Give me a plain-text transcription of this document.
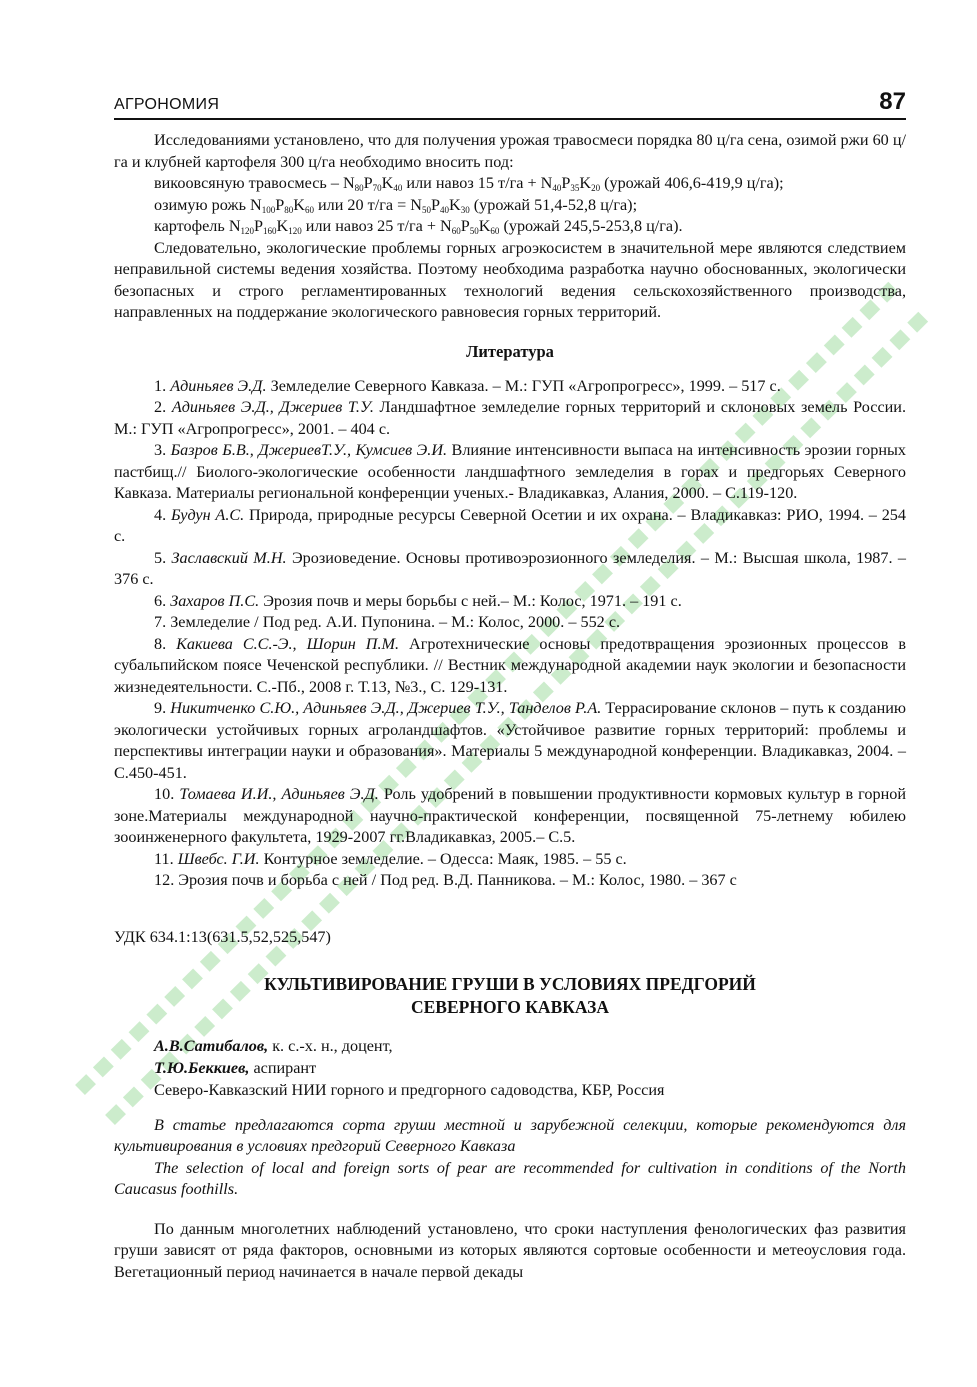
АГРОНОМИЯ	87

Исследованиями установлено, что для получения урожая травосмеси порядка 80 ц/га сена, озимой ржи 60 ц/га и клубней картофеля 300 ц/га необходимо вносить под:

викоовсяную травосмесь – $N_{80}P_{70}K_{40}$ или навоз 15 $т/га + N_{40}P_{35}K_{20}$ (урожай 406,6-419,9 ц/га);
озимую рожь $N_{100}P_{80}K_{60}$ или 20 $т/га = N_{50}P_{40}K_{30}$ (урожай 51,4-52,8 ц/га);
картофель $N_{120}P_{160}K_{120}$ или навоз 25 $т/га + N_{60}P_{50}K_{60}$ (урожай 245,5-253,8 ц/га).

Следовательно, экологические проблемы горных агроэкосистем в значительной мере являются следствием неправильной системы ведения хозяйства. Поэтому необходима разработка научно обоснованных, экологически безопасных и строго регламентированных технологий ведения сельскохозяйственного производства, направленных на поддержание экологического равновесия горных территорий.

Литература

1. Адиньяев Э.Д. Земледелие Северного Кавказа. – М.: ГУП «Агропрогресс», 1999. – 517 с.

2. Адиньяев Э.Д., Джериев Т.У. Ландшафтное земледелие горных территорий и склоновых земель России. М.: ГУП «Агропрогресс», 2001. – 404 с.

3. Базров Б.В., ДжериевТ.У., Кумсиев Э.И. Влияние интенсивности выпаса на интенсивность эрозии горных пастбищ.// Биолого-экологические особенности ландшафтного земледелия в горах и предгорьях Северного Кавказа. Материалы региональной конференции ученых.- Владикавказ, Алания, 2000. – С.119-120.

4. Будун А.С. Природа, природные ресурсы Северной Осетии и их охрана. – Владикавказ: РИО, 1994. – 254 с.

5. Заславский М.Н. Эрозиоведение. Основы противоэрозионного земледелия. – М.: Высшая школа, 1987. – 376 с.

6. Захаров П.С. Эрозия почв и меры борьбы с ней.– М.: Колос, 1971. – 191 с.

7. Земледелие / Под ред. А.И. Пупонина. – М.: Колос, 2000. – 552 с.

8. Какиева С.С.-Э., Шорин П.М. Агротехнические основы предотвращения эрозионных процессов в субальпийском поясе Чеченской республики. // Вестник международной академии наук экологии и безопасности жизнедеятельности. С.-Пб., 2008 г. Т.13, №3., С. 129-131.

9. Никитченко С.Ю., Адиньяев Э.Д., Джериев Т.У., Танделов Р.А. Террасирование склонов – путь к созданию экологически устойчивых горных агроландшафтов. «Устойчивое развитие горных территорий: проблемы и перспективы интеграции науки и образования». Материалы 5 международной конференции. Владикавказ, 2004. – С.450-451.

10. Томаева И.И., Адиньяев Э.Д. Роль удобрений в повышении продуктивности кормовых культур в горной зоне.Материалы международной научно-практической конференции, посвященной 75-летнему юбилею зооинженерного факультета, 1929-2007 гг.Владикавказ, 2005.– С.5.

11. Швебс. Г.И. Контурное земледелие. – Одесса: Маяк, 1985. – 55 с.

12. Эрозия почв и борьба с ней / Под ред. В.Д. Панникова. – М.: Колос, 1980. – 367 с

УДК 634.1:13(631.5,52,525,547)
КУЛЬТИВИРОВАНИЕ ГРУШИ В УСЛОВИЯХ ПРЕДГОРИЙ
СЕВЕРНОГО КАВКАЗА
А.В.Сатибалов, к. с.-х. н., доцент,
Т.Ю.Беккиев, аспирант
Северо-Кавказский НИИ горного и предгорного садоводства, КБР, Россия

В статье предлагаются сорта груши местной и зарубежной селекции, которые рекомендуются для культивирования в условиях предгорий Северного Кавказа

The selection of local and foreign sorts of pear are recommended for cultivation in conditions of the North Caucasus foothills.

По данным многолетних наблюдений установлено, что сроки наступления фенологических фаз развития груши зависят от ряда факторов, основными из которых являются сортовые особенности и метеоусловия года. Вегетационный период начинается в начале первой декады
